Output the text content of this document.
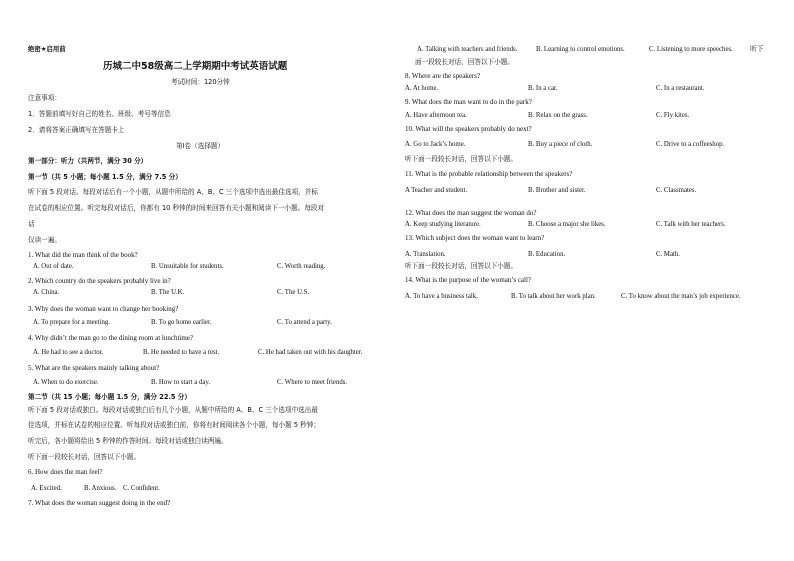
绝密★启用前
历城二中58级高二上学期期中考试英语试题
考试时间：120分钟
注意事项：
1．答题前填写好自己的姓名、班级、考号等信息
2．请将答案正确填写在答题卡上
第Ⅰ卷（选择题）
第一部分：听力（共两节，满分 30 分）
第一节（共 5 小题；每小题 1.5 分，满分 7.5 分）
听下面 5 段对话。每段对话后有一个小题，从题中所给的 A、B、C 三个选项中选出最佳选项，并标
在试卷的相应位置。听完每段对话后，你都有 10 秒钟的时间来回答有关小题和阅读下一小题。每段对
话
仅读一遍。
1. What did the man think of the book?
A. Out of date.	B. Unsuitable for students.	C. Worth reading.
2. Which country do the speakers probably live in?
A. China.	B. The U.K.	C. The U.S.
3. Why does the woman want to change her booking?
A. To prepare for a meeting.	B. To go home earlier.	C. To attend a party.
4. Why didn’t the man go to the dining room at lunchtime?
A. He had to see a doctor.	B. He needed to have a rest.	C. He had taken out with his daughter.
5. What are the speakers mainly talking about?
A. When to do exercise.	B. How to start a day.	C. Where to meet friends.
第二节（共 15 小题；每小题 1.5 分，满分 22.5 分）
听下面 5 段对话或独白。每段对话或独白后有几个小题，从题中所给的 A、B、C 三个选项中选出最
佳选项，并标在试卷的相应位置。听每段对话或独白前，你将有时间阅读各个小题，每小题 5 秒钟；
听完后，各小题将给出 5 秒钟的作答时间。每段对话或独白读两遍。
听下面一段较长对话，回答以下小题。
6. How does the man feel?
A. Excited.	B. Anxious. C. Confident.
7. What does the woman suggest doing in the end?
A. Talking with teachers and friends.	B. Learning to control emotions.	C. Listening to more speeches.	听下
面一段较长对话，回答以下小题。
8. Where are the speakers?
A. At home.	B. In a car.	C. In a restaurant.
9. What does the man want to do in the park?
A. Have afternoon tea.	B. Relax on the grass.	C. Fly kites.
10. What will the speakers probably do next?
A. Go to Jack’s home.	B. Buy a piece of cloth.	C. Drive to a coffeeshop.
听下面一段较长对话，回答以下小题。
11. What is the probable relationship between the speakers?
A Teacher and student.	B. Brother and sister.	C. Classmates.
12. What does the man suggest the woman do?
A. Keep studying literature.	B. Choose a major she likes.	C. Talk with her teachers.
13. Which subject does the woman want to learn?
A. Translation.	B. Education.	C. Math.
听下面一段较长对话，回答以下小题。
14. What is the purpose of the woman’s call?
A. To have a business talk.	B. To talk about her work plan.	C. To know about the man’s job experience.
